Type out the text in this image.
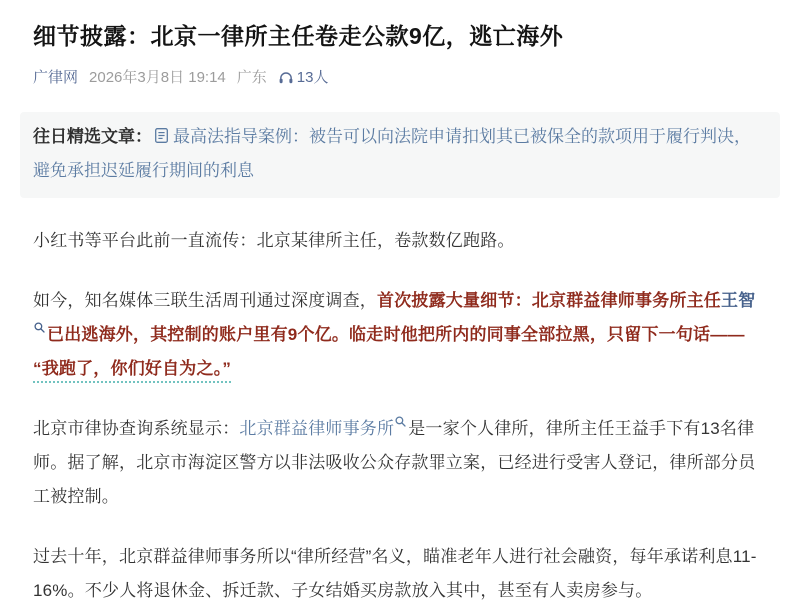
细节披露：北京一律所主任卷走公款9亿，逃亡海外
广律网 2026年3月8日 19:14 广东 13人
往日精选文章： 最高法指导案例：被告可以向法院申请扣划其已被保全的款项用于履行判决，避免承担迟延履行期间的利息

小红书等平台此前一直流传：北京某律所主任，卷款数亿跑路。

如今，知名媒体三联生活周刊通过深度调查，首次披露大量细节：北京群益律师事务所主任王智已出逃海外，其控制的账户里有9个亿。临走时他把所内的同事全部拉黑，只留下一句话——“我跑了，你们好自为之。”

北京市律协查询系统显示：北京群益律师事务所 是一家个人律所，律所主任王益手下有13名律师。据了解，北京市海淀区警方以非法吸收公众存款罪立案，已经进行受害人登记，律所部分员工被控制。

过去十年，北京群益律师事务所以“律所经营”名义，瞄准老年人进行社会融资，每年承诺利息11-16%。不少人将退休金、拆迁款、子女结婚买房款放入其中，甚至有人卖房参与。
